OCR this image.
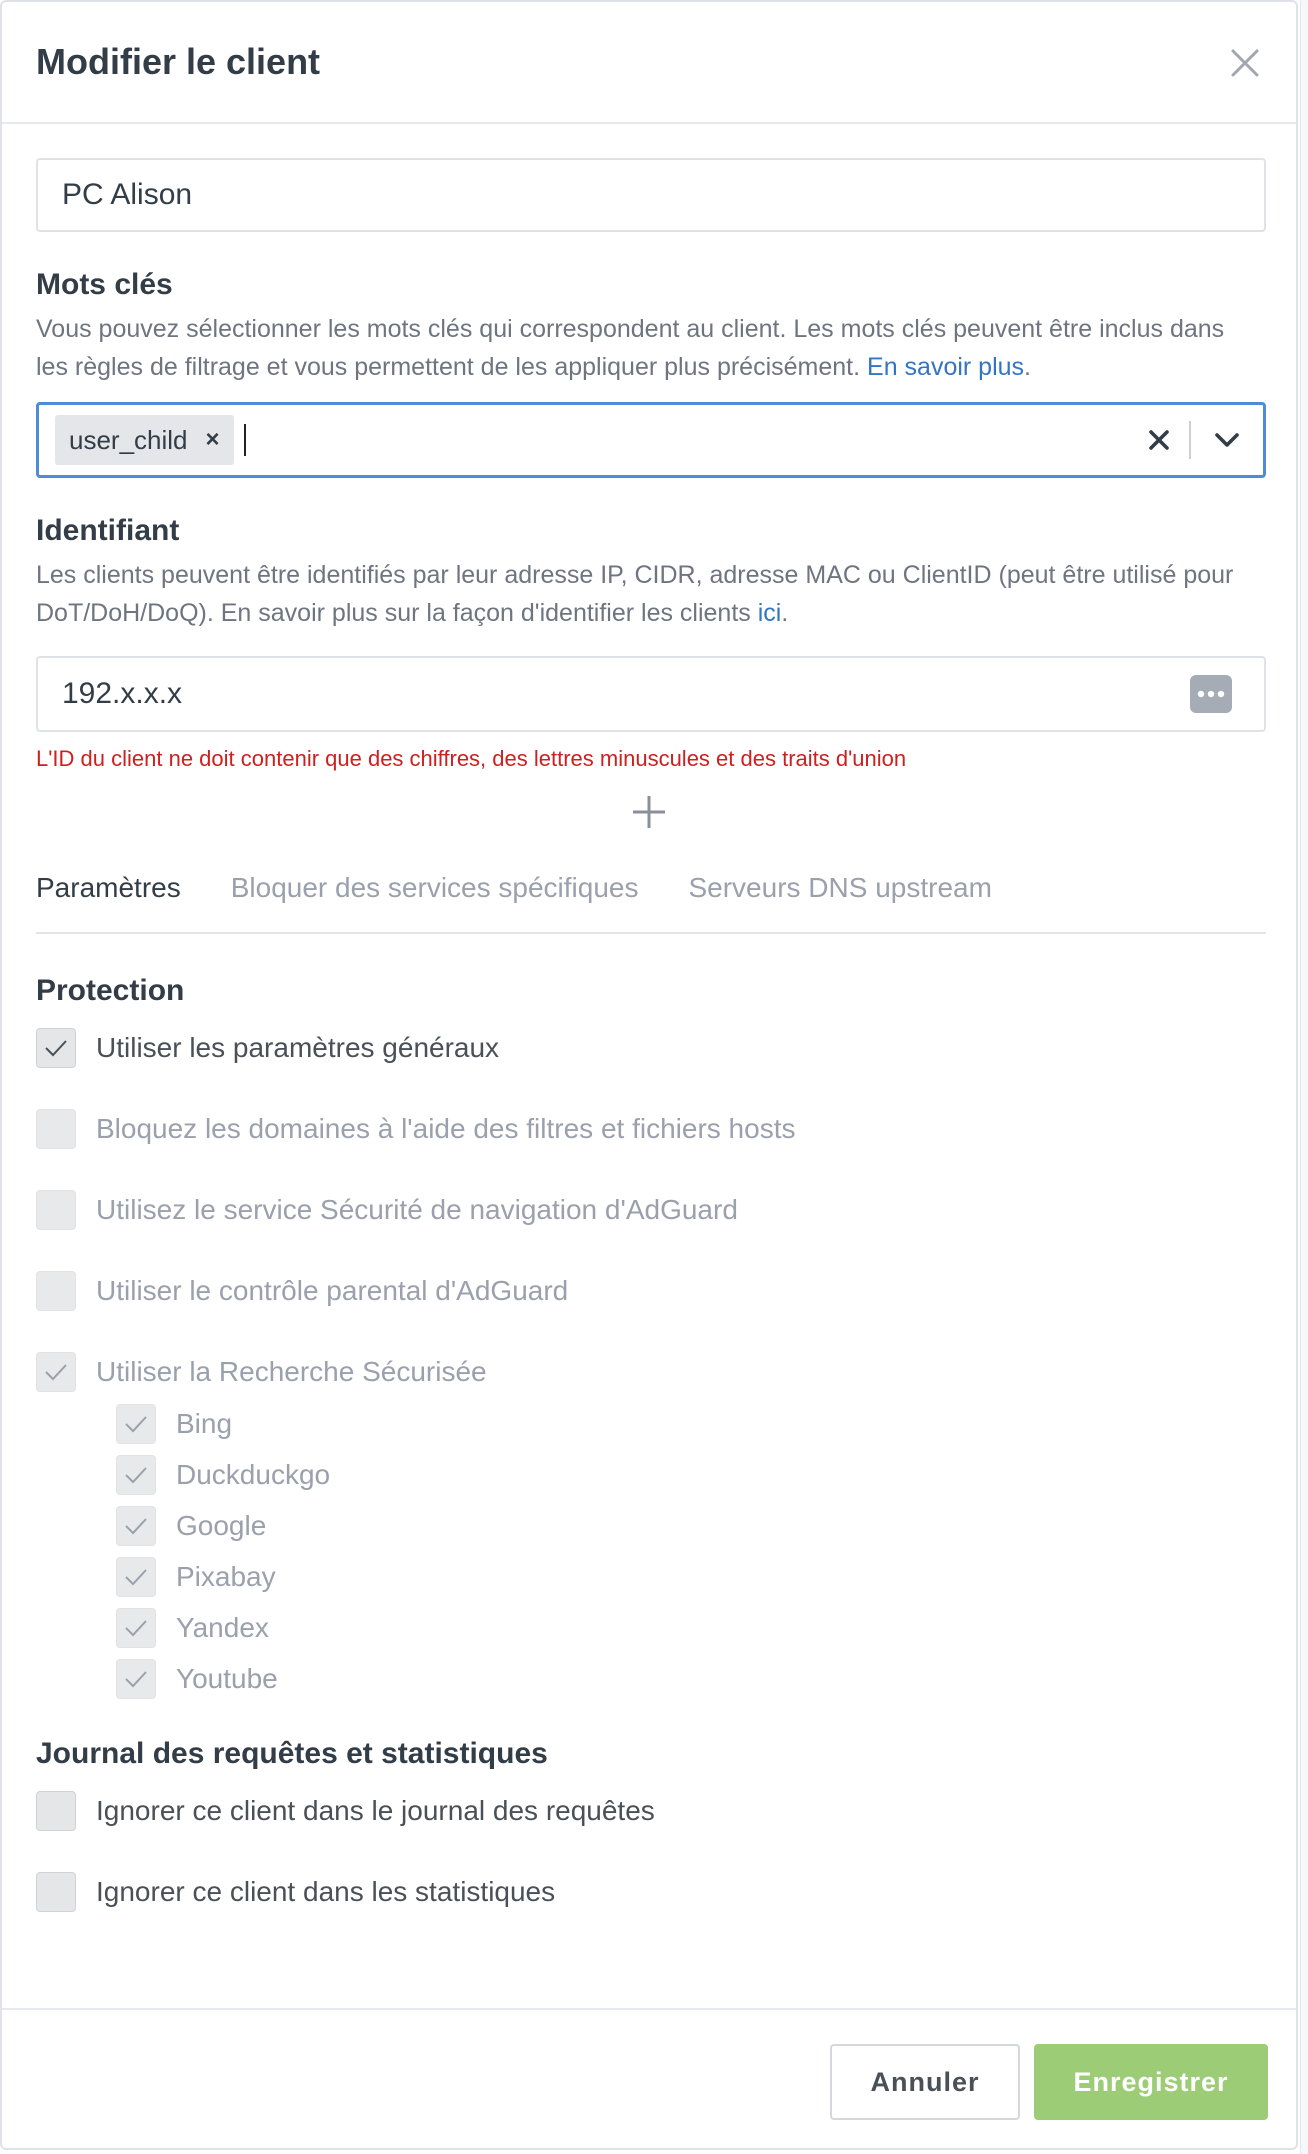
Modifier le client
PC Alison
Mots clés
Vous pouvez sélectionner les mots clés qui correspondent au client. Les mots clés peuvent être inclus dans les règles de filtrage et vous permettent de les appliquer plus précisément. En savoir plus.
user_child ×
Identifiant
Les clients peuvent être identifiés par leur adresse IP, CIDR, adresse MAC ou ClientID (peut être utilisé pour DoT/DoH/DoQ). En savoir plus sur la façon d'identifier les clients ici.
192.x.x.x
L'ID du client ne doit contenir que des chiffres, des lettres minuscules et des traits d'union
Paramètres Bloquer des services spécifiques Serveurs DNS upstream
Protection
Utiliser les paramètres généraux
Bloquez les domaines à l'aide des filtres et fichiers hosts
Utilisez le service Sécurité de navigation d'AdGuard
Utiliser le contrôle parental d'AdGuard
Utiliser la Recherche Sécurisée
Bing
Duckduckgo
Google
Pixabay
Yandex
Youtube
Journal des requêtes et statistiques
Ignorer ce client dans le journal des requêtes
Ignorer ce client dans les statistiques
Annuler	Enregistrer
